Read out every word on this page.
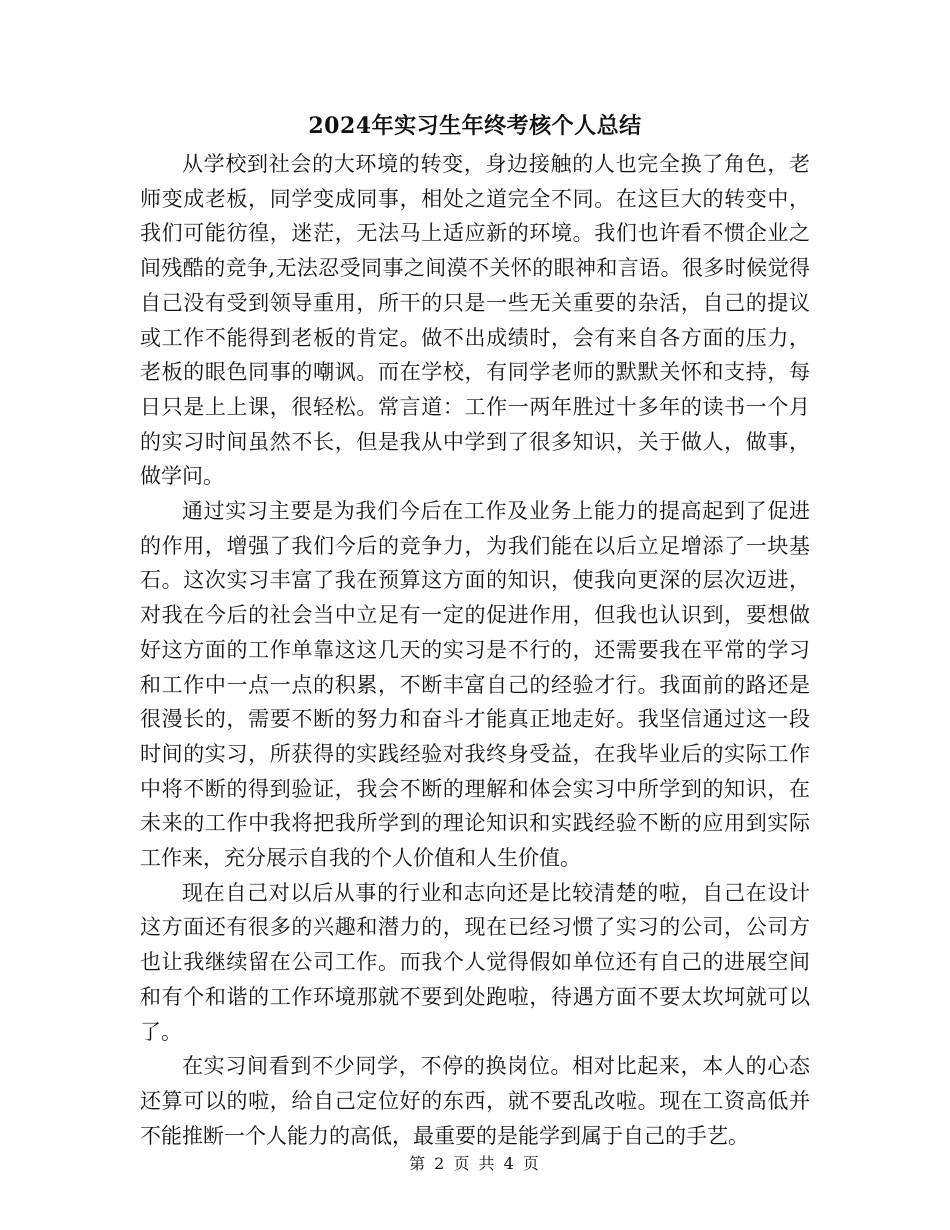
2024年实习生年终考核个人总结

从学校到社会的大环境的转变，身边接触的人也完全换了角色，老师变成老板，同学变成同事，相处之道完全不同。在这巨大的转变中，我们可能彷徨，迷茫，无法马上适应新的环境。我们也许看不惯企业之间残酷的竞争,无法忍受同事之间漠不关怀的眼神和言语。很多时候觉得自己没有受到领导重用，所干的只是一些无关重要的杂活，自己的提议或工作不能得到老板的肯定。做不出成绩时，会有来自各方面的压力，老板的眼色同事的嘲讽。而在学校，有同学老师的默默关怀和支持，每日只是上上课，很轻松。常言道：工作一两年胜过十多年的读书一个月的实习时间虽然不长，但是我从中学到了很多知识，关于做人，做事，做学问。

通过实习主要是为我们今后在工作及业务上能力的提高起到了促进的作用，增强了我们今后的竞争力，为我们能在以后立足增添了一块基石。这次实习丰富了我在预算这方面的知识，使我向更深的层次迈进，对我在今后的社会当中立足有一定的促进作用，但我也认识到，要想做好这方面的工作单靠这这几天的实习是不行的，还需要我在平常的学习和工作中一点一点的积累，不断丰富自己的经验才行。我面前的路还是很漫长的，需要不断的努力和奋斗才能真正地走好。我坚信通过这一段时间的实习，所获得的实践经验对我终身受益，在我毕业后的实际工作中将不断的得到验证，我会不断的理解和体会实习中所学到的知识，在未来的工作中我将把我所学到的理论知识和实践经验不断的应用到实际工作来，充分展示自我的个人价值和人生价值。

现在自己对以后从事的行业和志向还是比较清楚的啦，自己在设计这方面还有很多的兴趣和潜力的，现在已经习惯了实习的公司，公司方也让我继续留在公司工作。而我个人觉得假如单位还有自己的进展空间和有个和谐的工作环境那就不要到处跑啦，待遇方面不要太坎坷就可以了。

在实习间看到不少同学，不停的换岗位。相对比起来，本人的心态还算可以的啦，给自己定位好的东西，就不要乱改啦。现在工资高低并不能推断一个人能力的高低，最重要的是能学到属于自己的手艺。

第 2 页 共 4 页
